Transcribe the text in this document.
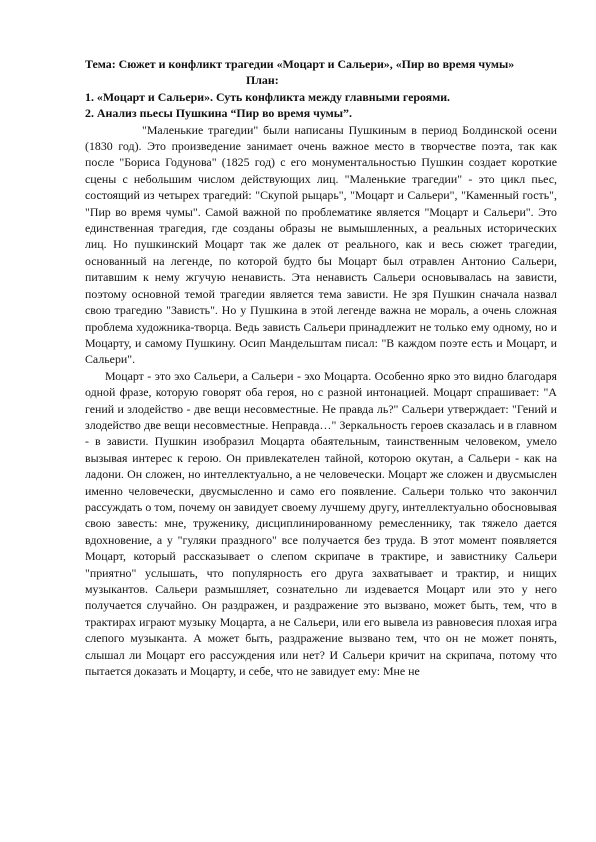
Тема: Сюжет и конфликт трагедии «Моцарт и Сальери», «Пир во время чумы»

План:

1. «Моцарт и Сальери». Суть конфликта между главными героями.

2. Анализ пьесы Пушкина “Пир во время чумы”.

"Маленькие трагедии" были написаны Пушкиным в период Болдинской осени (1830 год). Это произведение занимает очень важное место в творчестве поэта, так как после "Бориса Годунова" (1825 год) с его монументальностью Пушкин создает короткие сцены с небольшим числом действующих лиц. "Маленькие трагедии" - это цикл пьес, состоящий из четырех трагедий: "Скупой рыцарь", "Моцарт и Сальери", "Каменный гость", "Пир во время чумы". Самой важной по проблематике является "Моцарт и Сальери". Это единственная трагедия, где созданы образы не вымышленных, а реальных исторических лиц. Но пушкинский Моцарт так же далек от реального, как и весь сюжет трагедии, основанный на легенде, по которой будто бы Моцарт был отравлен Антонио Сальери, питавшим к нему жгучую ненависть. Эта ненависть Сальери основывалась на зависти, поэтому основной темой трагедии является тема зависти. Не зря Пушкин сначала назвал свою трагедию "Зависть". Но у Пушкина в этой легенде важна не мораль, а очень сложная проблема художника-творца. Ведь зависть Сальери принадлежит не только ему одному, но и Моцарту, и самому Пушкину. Осип Мандельштам писал: "В каждом поэте есть и Моцарт, и Сальери".

Моцарт - это эхо Сальери, а Сальери - эхо Моцарта. Особенно ярко это видно благодаря одной фразе, которую говорят оба героя, но с разной интонацией. Моцарт спрашивает: "А гений и злодейство - две вещи несовместные. Не правда ль?" Сальери утверждает: "Гений и злодейство две вещи несовместные. Неправда…" Зеркальность героев сказалась и в главном - в зависти. Пушкин изобразил Моцарта обаятельным, таинственным человеком, умело вызывая интерес к герою. Он привлекателен тайной, которою окутан, а Сальери - как на ладони. Он сложен, но интеллектуально, а не человечески. Моцарт же сложен и двусмыслен именно человечески, двусмысленно и само его появление. Сальери только что закончил рассуждать о том, почему он завидует своему лучшему другу, интеллектуально обосновывая свою завесть: мне, труженику, дисциплинированному ремесленнику, так тяжело дается вдохновение, а у "гуляки праздного" все получается без труда. В этот момент появляется Моцарт, который рассказывает о слепом скрипаче в трактире, и завистнику Сальери "приятно" услышать, что популярность его друга захватывает и трактир, и нищих музыкантов. Сальери размышляет, сознательно ли издевается Моцарт или это у него получается случайно. Он раздражен, и раздражение это вызвано, может быть, тем, что в трактирах играют музыку Моцарта, а не Сальери, или его вывела из равновесия плохая игра слепого музыканта. А может быть, раздражение вызвано тем, что он не может понять, слышал ли Моцарт его рассуждения или нет? И Сальери кричит на скрипача, потому что пытается доказать и Моцарту, и себе, что не завидует ему: Мне не
